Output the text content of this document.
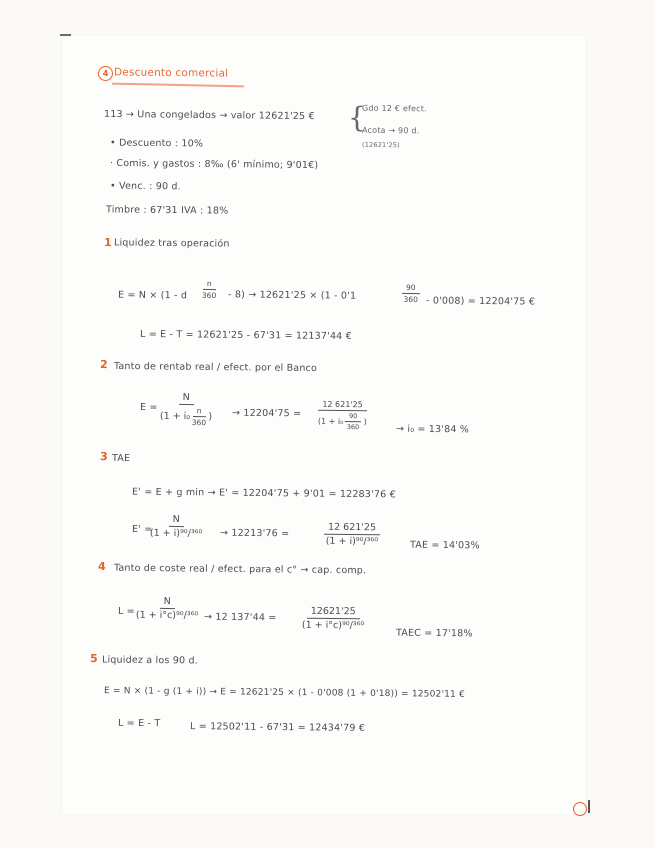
4 Descuento comercial
113 → Una congelados → valor 12621'25 € {
Gdo 12 € efect.
Acota → 90 d.
(12621'25)
• Descuento : 10%
· Comis. y gastos : 8‰ (6' mínimo; 9'01€)
• Venc. : 90 d.
Timbre : 67'31 IVA : 18%
1 Liquidez tras operación
E = N × (1 - d $\frac{n}{360} - 8) \to 12621'25 \times (1 - 0'1$	$\frac{90}{360} - 0'008) = 12204'75$ €
L = E - T = 12621'25 - 67'31 = 12137'44 €
2 Tanto de rentab real / efect. por el Banco
$E = \frac{N}{(1 + i_0 \frac{n}{360} )} \to 12204'75 = \frac{12 621'25}{(1 + i_0 \frac{90}{360} )}$	→ i₀ = 13'84 %
3 TAE
E' = E + g min → E' = 12204'75 + 9'01 = 12283'76 €
E' =
$\frac{N}{\text{(1 + i)⁹⁰/³⁶⁰}} \to 12213'76$ =	$\frac{12 621'25}{\text{(1 + i)⁹⁰/³⁶⁰}}$	TAE = 14'03%
4 Tanto de coste real / efect. para el c° → cap. comp.
$L = \frac{N}{\text{(1 + i°c)⁹⁰/³⁶⁰}} \to 12$ 137'44 =	$\frac{12621'25}{\text{(1 + i°c)⁹⁰/³⁶⁰}}$
TAEC = 17'18%
5 Liquidez a los 90 d.
E = N × (1 - g (1 + i)) → E = 12621'25 × (1 - 0'008 (1 + 0'18)) = 12502'11 €
L = E - T	L = 12502'11 - 67'31 = 12434'79 €
